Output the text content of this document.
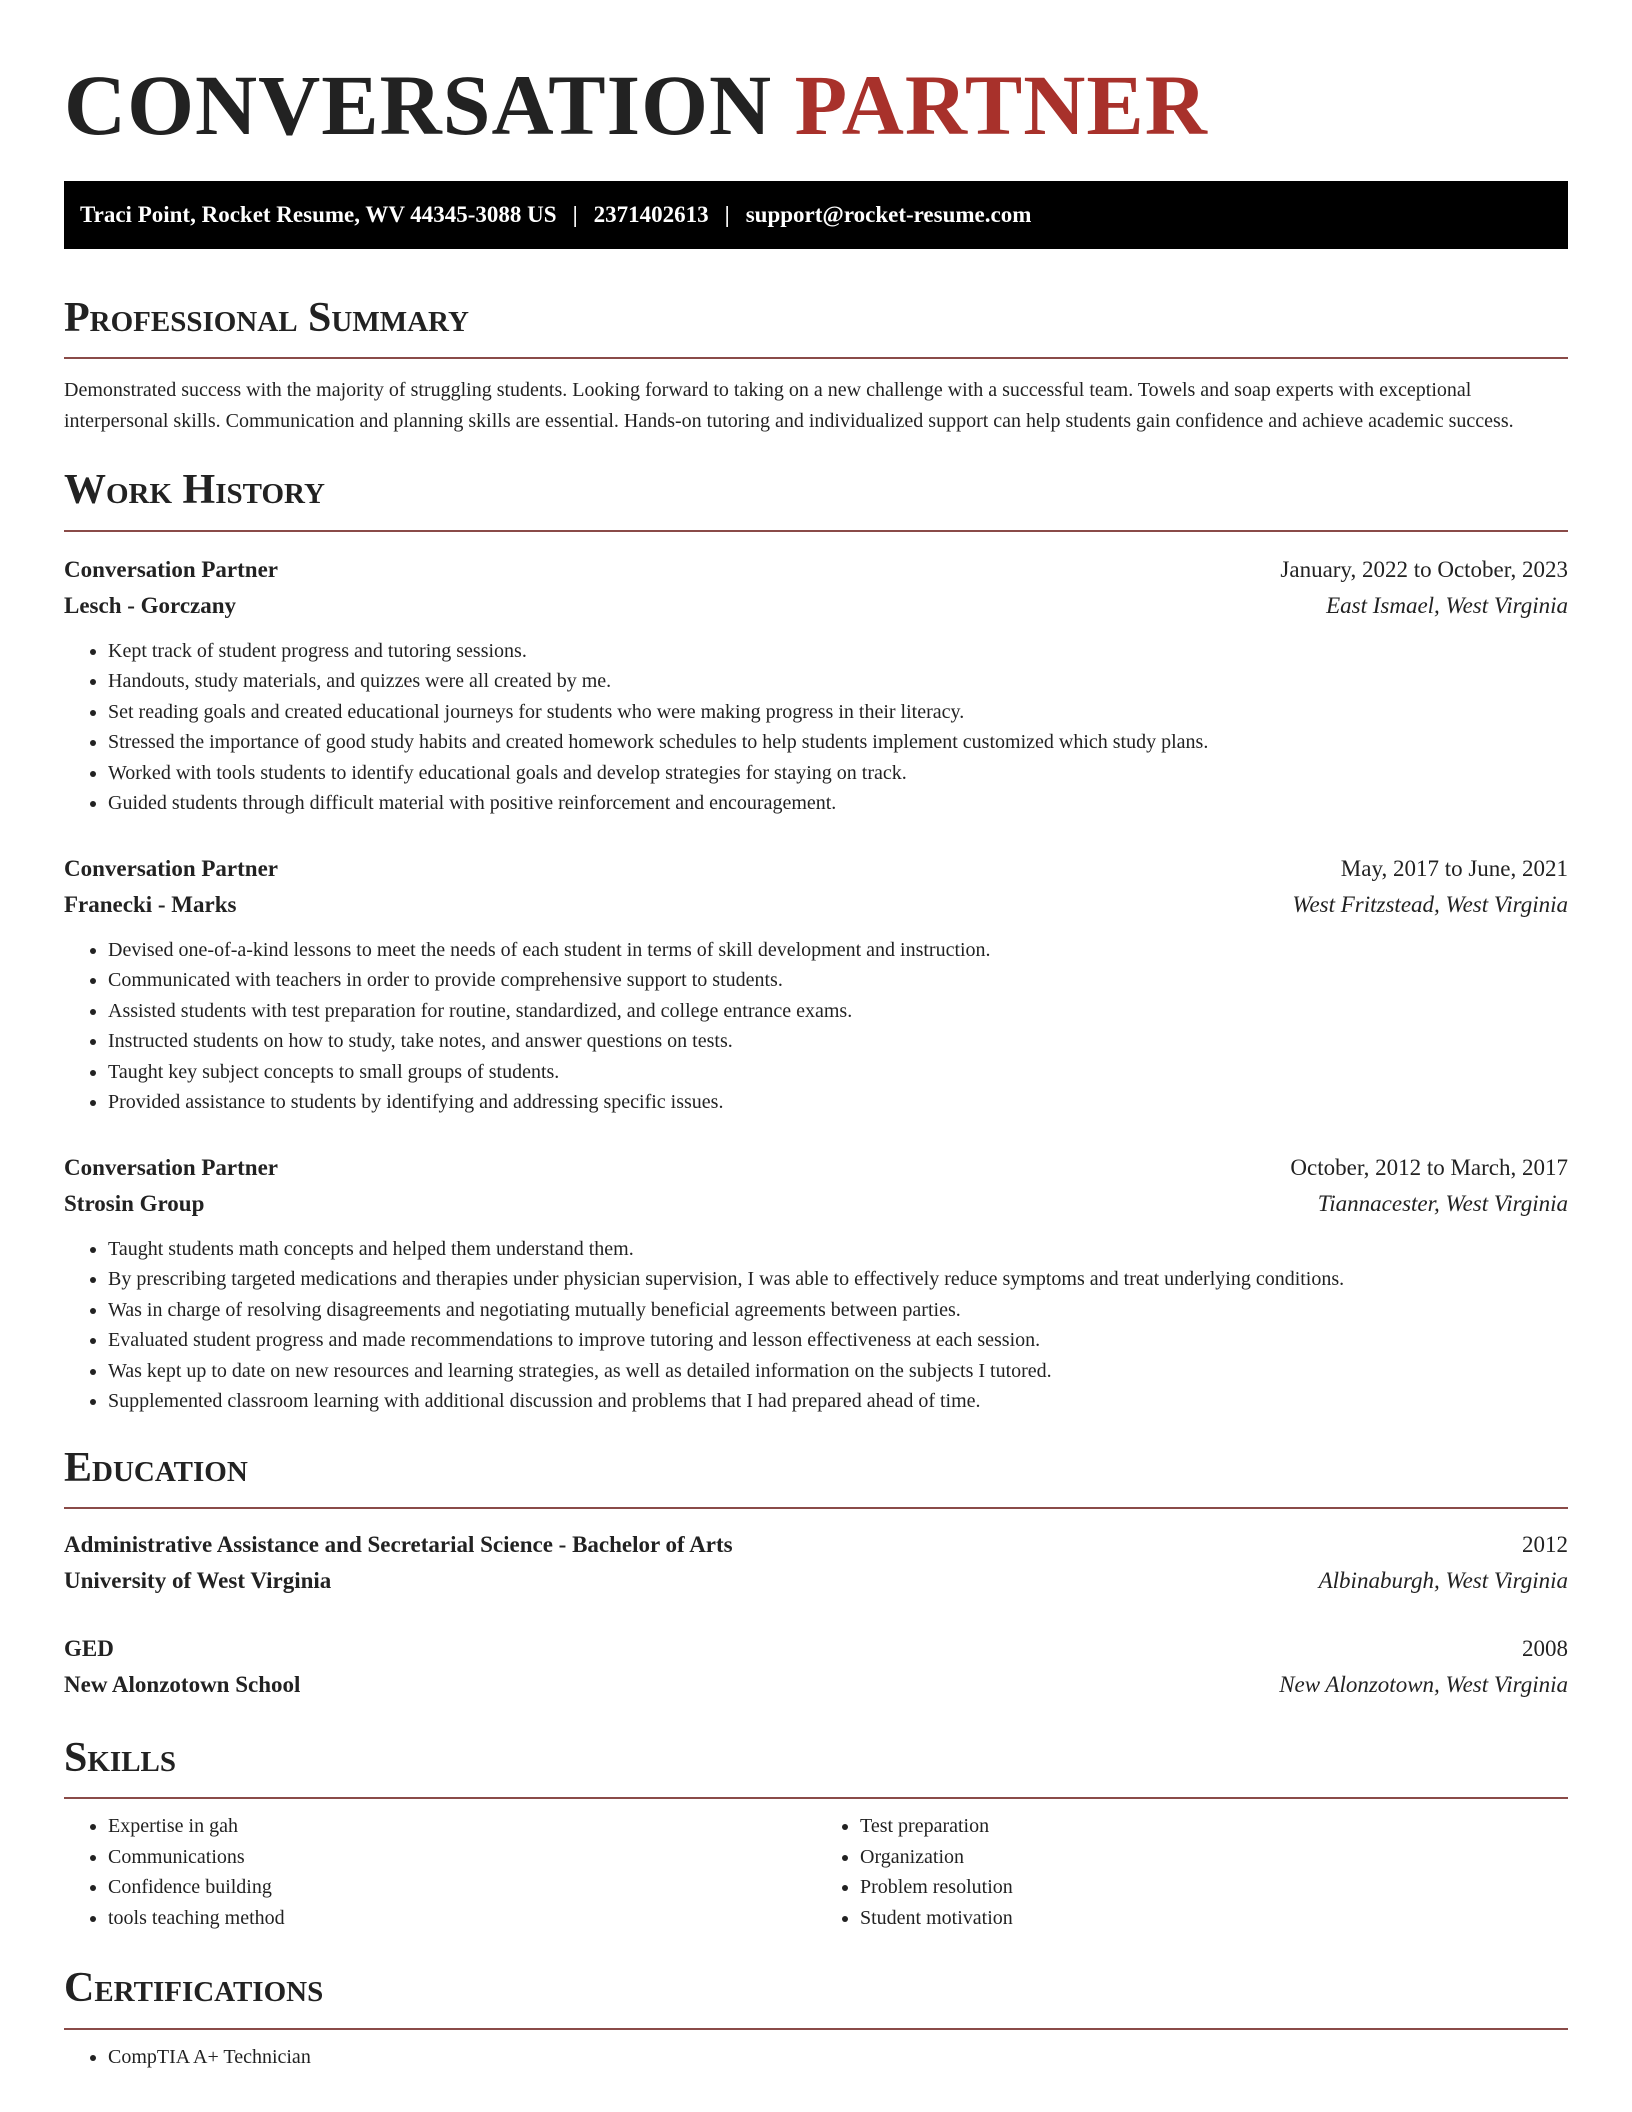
CONVERSATION PARTNER
Traci Point, Rocket Resume, WV 44345-3088 US | 2371402613 | support@rocket-resume.com
Professional Summary

Demonstrated success with the majority of struggling students. Looking forward to taking on a new challenge with a successful team. Towels and soap experts with exceptional interpersonal skills. Communication and planning skills are essential. Hands-on tutoring and individualized support can help students gain confidence and achieve academic success.

Work History
Conversation Partner	January, 2022 to October, 2023
Lesch - Gorczany	East Ismael, West Virginia
• Kept track of student progress and tutoring sessions.
• Handouts, study materials, and quizzes were all created by me.
• Set reading goals and created educational journeys for students who were making progress in their literacy.
• Stressed the importance of good study habits and created homework schedules to help students implement customized which study plans.
• Worked with tools students to identify educational goals and develop strategies for staying on track.
• Guided students through difficult material with positive reinforcement and encouragement.
Conversation Partner	May, 2017 to June, 2021
Franecki - Marks	West Fritzstead, West Virginia
• Devised one-of-a-kind lessons to meet the needs of each student in terms of skill development and instruction.
• Communicated with teachers in order to provide comprehensive support to students.
• Assisted students with test preparation for routine, standardized, and college entrance exams.
• Instructed students on how to study, take notes, and answer questions on tests.
• Taught key subject concepts to small groups of students.
• Provided assistance to students by identifying and addressing specific issues.
Conversation Partner	October, 2012 to March, 2017
Strosin Group	Tiannacester, West Virginia
• Taught students math concepts and helped them understand them.
• By prescribing targeted medications and therapies under physician supervision, I was able to effectively reduce symptoms and treat underlying conditions.
• Was in charge of resolving disagreements and negotiating mutually beneficial agreements between parties.
• Evaluated student progress and made recommendations to improve tutoring and lesson effectiveness at each session.
• Was kept up to date on new resources and learning strategies, as well as detailed information on the subjects I tutored.
• Supplemented classroom learning with additional discussion and problems that I had prepared ahead of time.
Education
Administrative Assistance and Secretarial Science - Bachelor of Arts	2012
University of West Virginia	Albinaburgh, West Virginia
GED	2008
New Alonzotown School	New Alonzotown, West Virginia
Skills
• Expertise in gah
• Communications
• Confidence building
• tools teaching method
• Test preparation
• Organization
• Problem resolution
• Student motivation
Certifications
• CompTIA A+ Technician
